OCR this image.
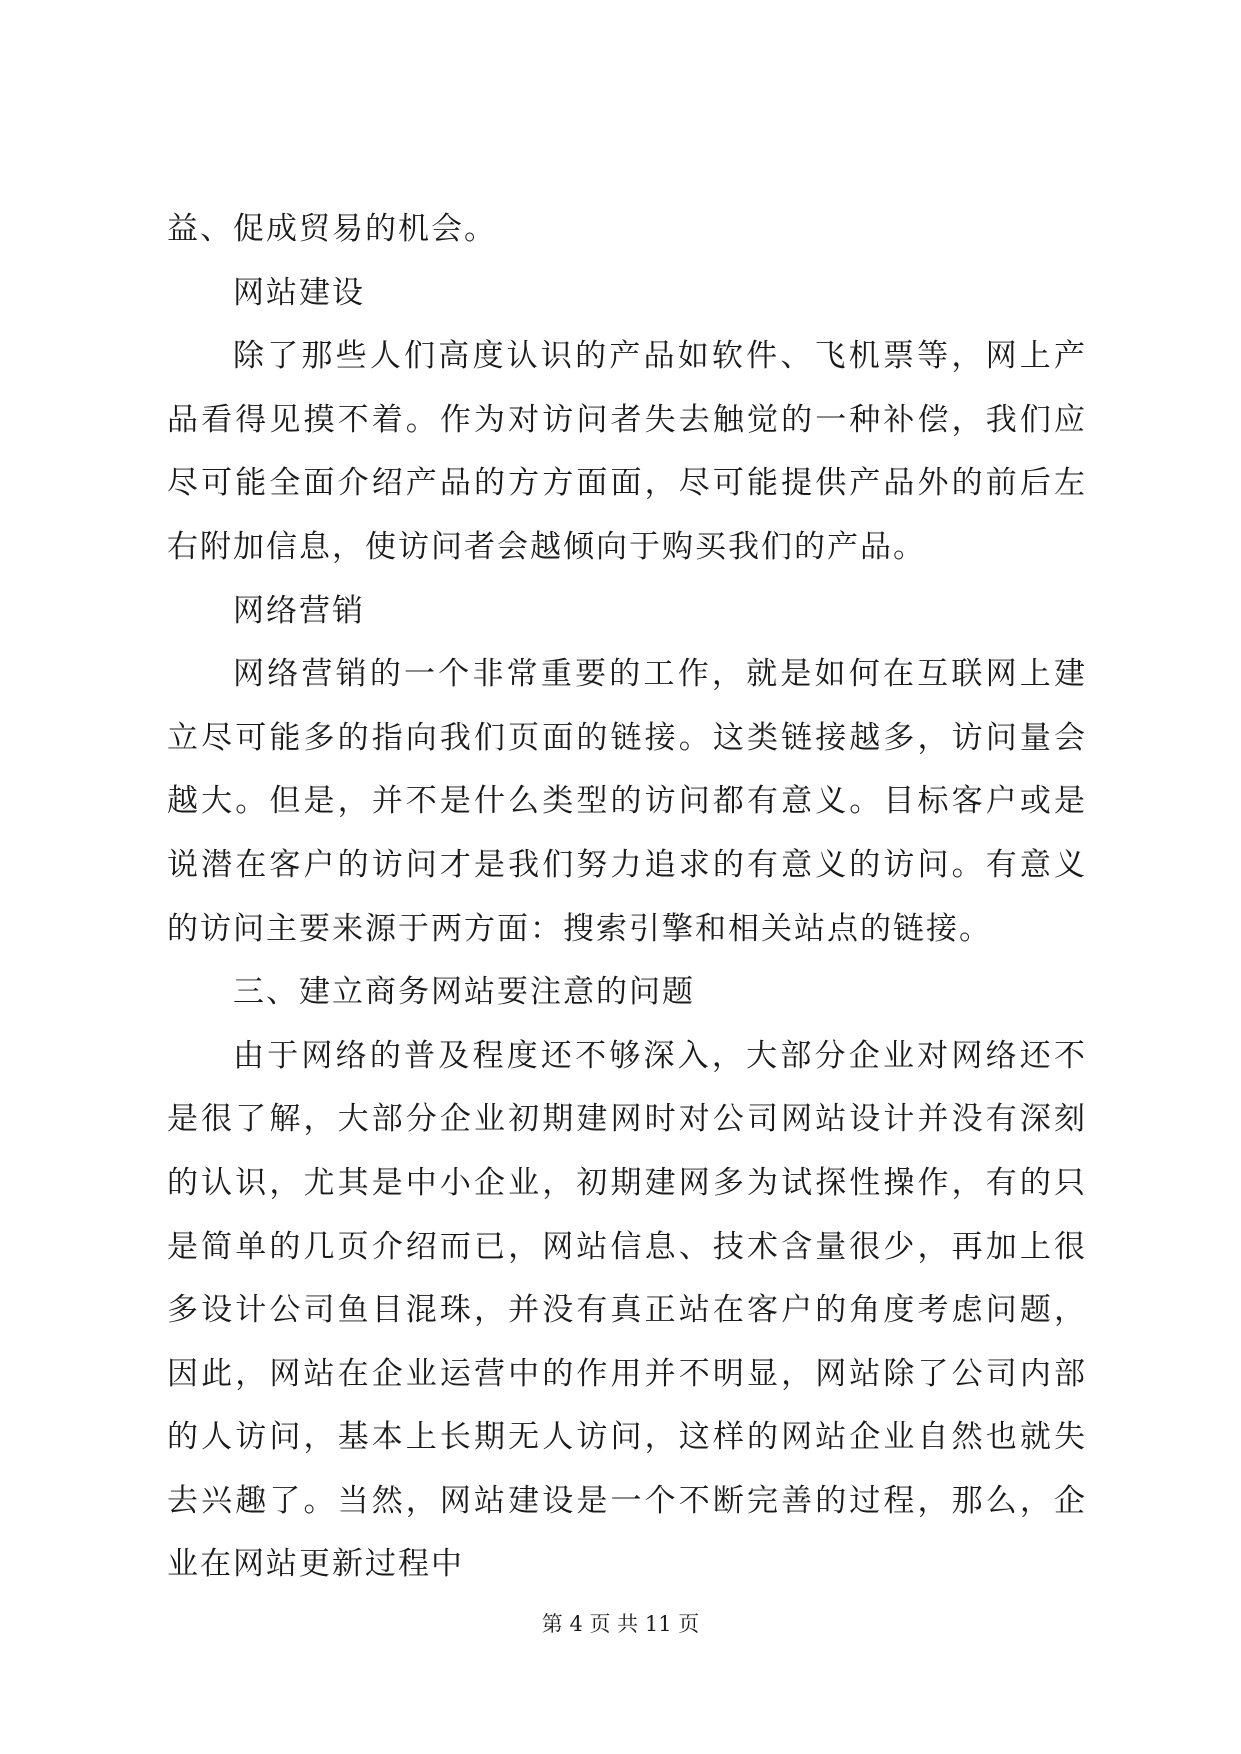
益、促成贸易的机会。

网站建设

除了那些人们高度认识的产品如软件、飞机票等，网上产品看得见摸不着。作为对访问者失去触觉的一种补偿，我们应尽可能全面介绍产品的方方面面，尽可能提供产品外的前后左右附加信息，使访问者会越倾向于购买我们的产品。

网络营销

网络营销的一个非常重要的工作，就是如何在互联网上建立尽可能多的指向我们页面的链接。这类链接越多，访问量会越大。但是，并不是什么类型的访问都有意义。目标客户或是说潜在客户的访问才是我们努力追求的有意义的访问。有意义的访问主要来源于两方面：搜索引擎和相关站点的链接。

三、建立商务网站要注意的问题

由于网络的普及程度还不够深入，大部分企业对网络还不是很了解，大部分企业初期建网时对公司网站设计并没有深刻的认识，尤其是中小企业，初期建网多为试探性操作，有的只是简单的几页介绍而已，网站信息、技术含量很少，再加上很多设计公司鱼目混珠，并没有真正站在客户的角度考虑问题，因此，网站在企业运营中的作用并不明显，网站除了公司内部的人访问，基本上长期无人访问，这样的网站企业自然也就失去兴趣了。当然，网站建设是一个不断完善的过程，那么，企业在网站更新过程中

第 4 页 共 11 页
